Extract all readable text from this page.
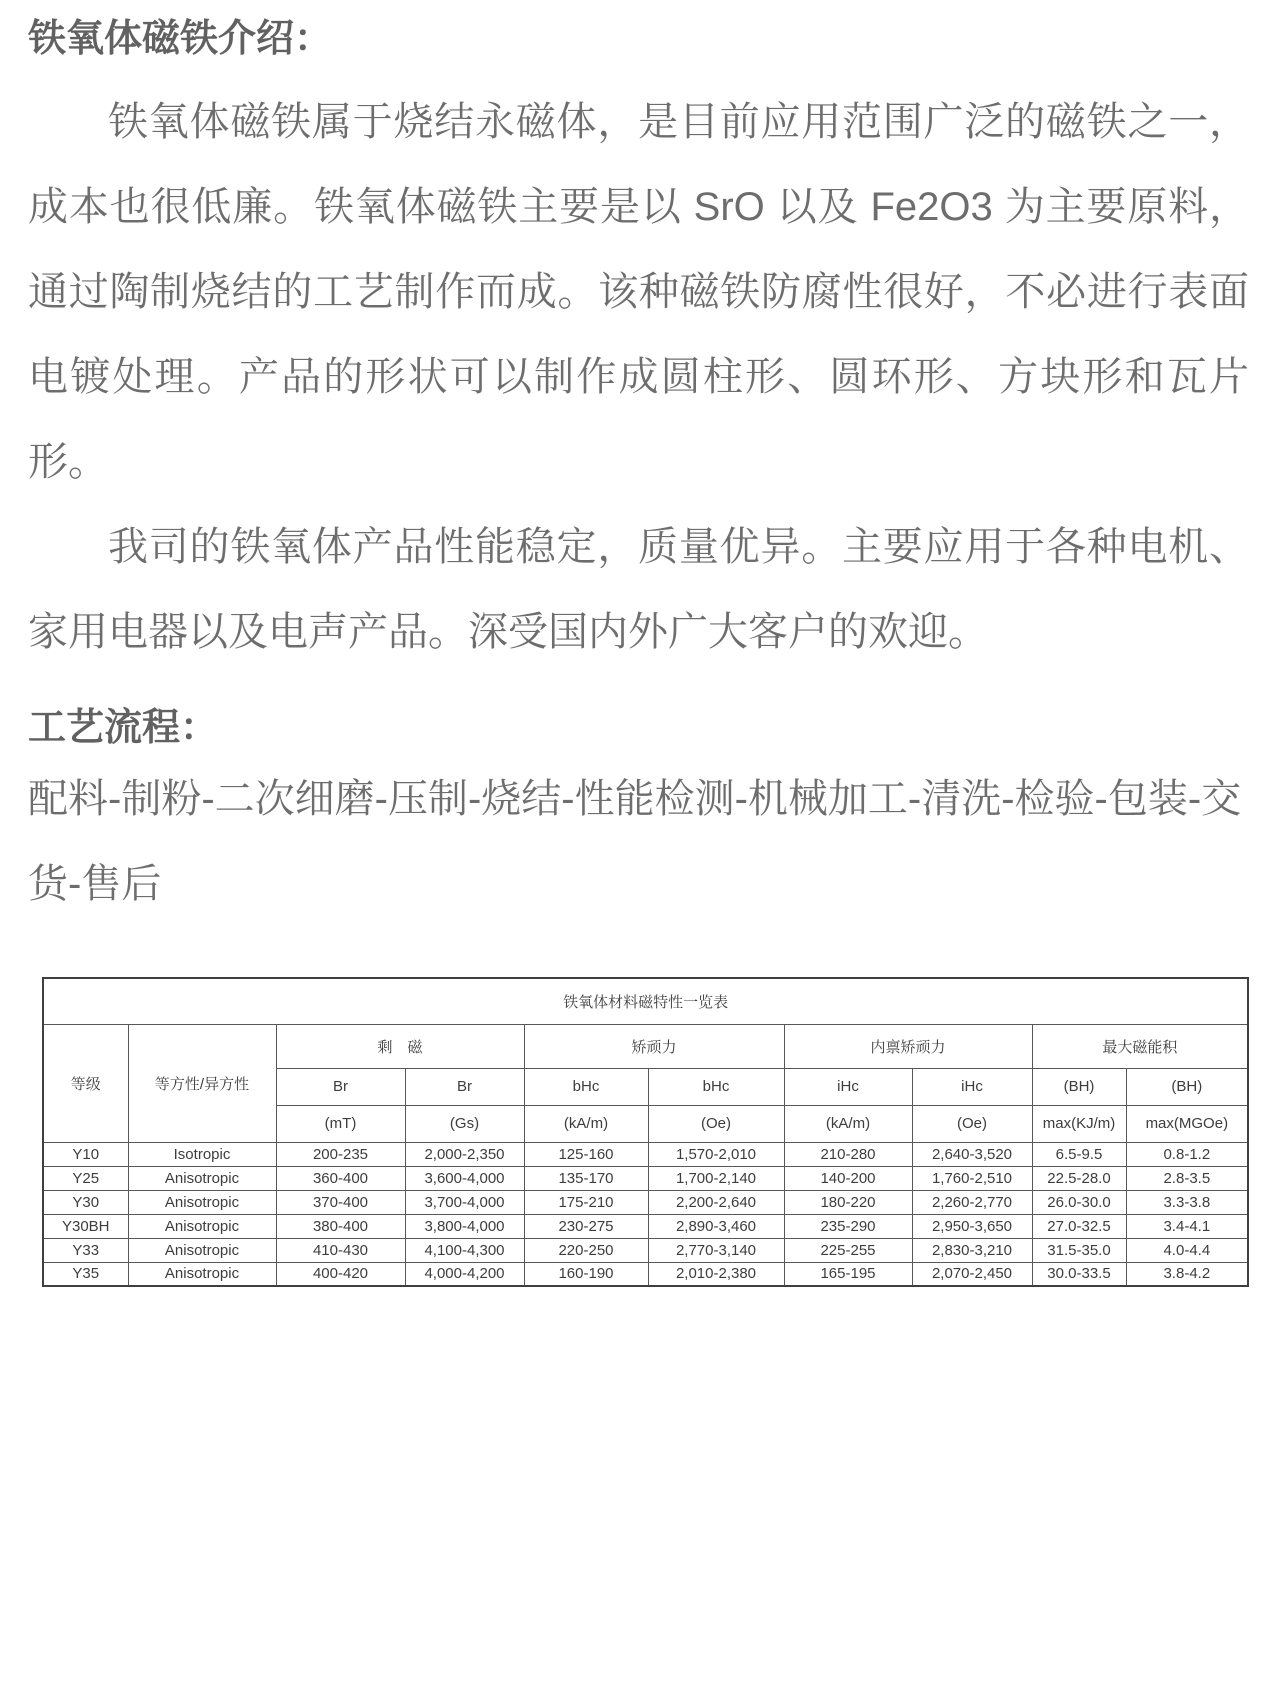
铁氧体磁铁介绍：

铁氧体磁铁属于烧结永磁体，是目前应用范围广泛的磁铁之一，成本也很低廉。铁氧体磁铁主要是以 SrO 以及 Fe2O3 为主要原料，通过陶制烧结的工艺制作而成。该种磁铁防腐性很好，不必进行表面电镀处理。产品的形状可以制作成圆柱形、圆环形、方块形和瓦片形。

我司的铁氧体产品性能稳定，质量优异。主要应用于各种电机、家用电器以及电声产品。深受国内外广大客户的欢迎。

工艺流程：

配料-制粉-二次细磨-压制-烧结-性能检测-机械加工-清洗-检验-包装-交货-售后

铁氧体材料磁特性一览表									
等级	等方性/异方性	剩　磁		矫顽力		内禀矫顽力		最大磁能积	
		Br	Br	bHc	bHc	iHc	iHc	(BH)	(BH)
		(mT)	(Gs)	(kA/m)	(Oe)	(kA/m)	(Oe)	max(KJ/m)	max(MGOe)
Y10	Isotropic	200-235	2,000-2,350	125-160	1,570-2,010	210-280	2,640-3,520	6.5-9.5	0.8-1.2
Y25	Anisotropic	360-400	3,600-4,000	135-170	1,700-2,140	140-200	1,760-2,510	22.5-28.0	2.8-3.5
Y30	Anisotropic	370-400	3,700-4,000	175-210	2,200-2,640	180-220	2,260-2,770	26.0-30.0	3.3-3.8
Y30BH	Anisotropic	380-400	3,800-4,000	230-275	2,890-3,460	235-290	2,950-3,650	27.0-32.5	3.4-4.1
Y33	Anisotropic	410-430	4,100-4,300	220-250	2,770-3,140	225-255	2,830-3,210	31.5-35.0	4.0-4.4
Y35	Anisotropic	400-420	4,000-4,200	160-190	2,010-2,380	165-195	2,070-2,450	30.0-33.5	3.8-4.2
